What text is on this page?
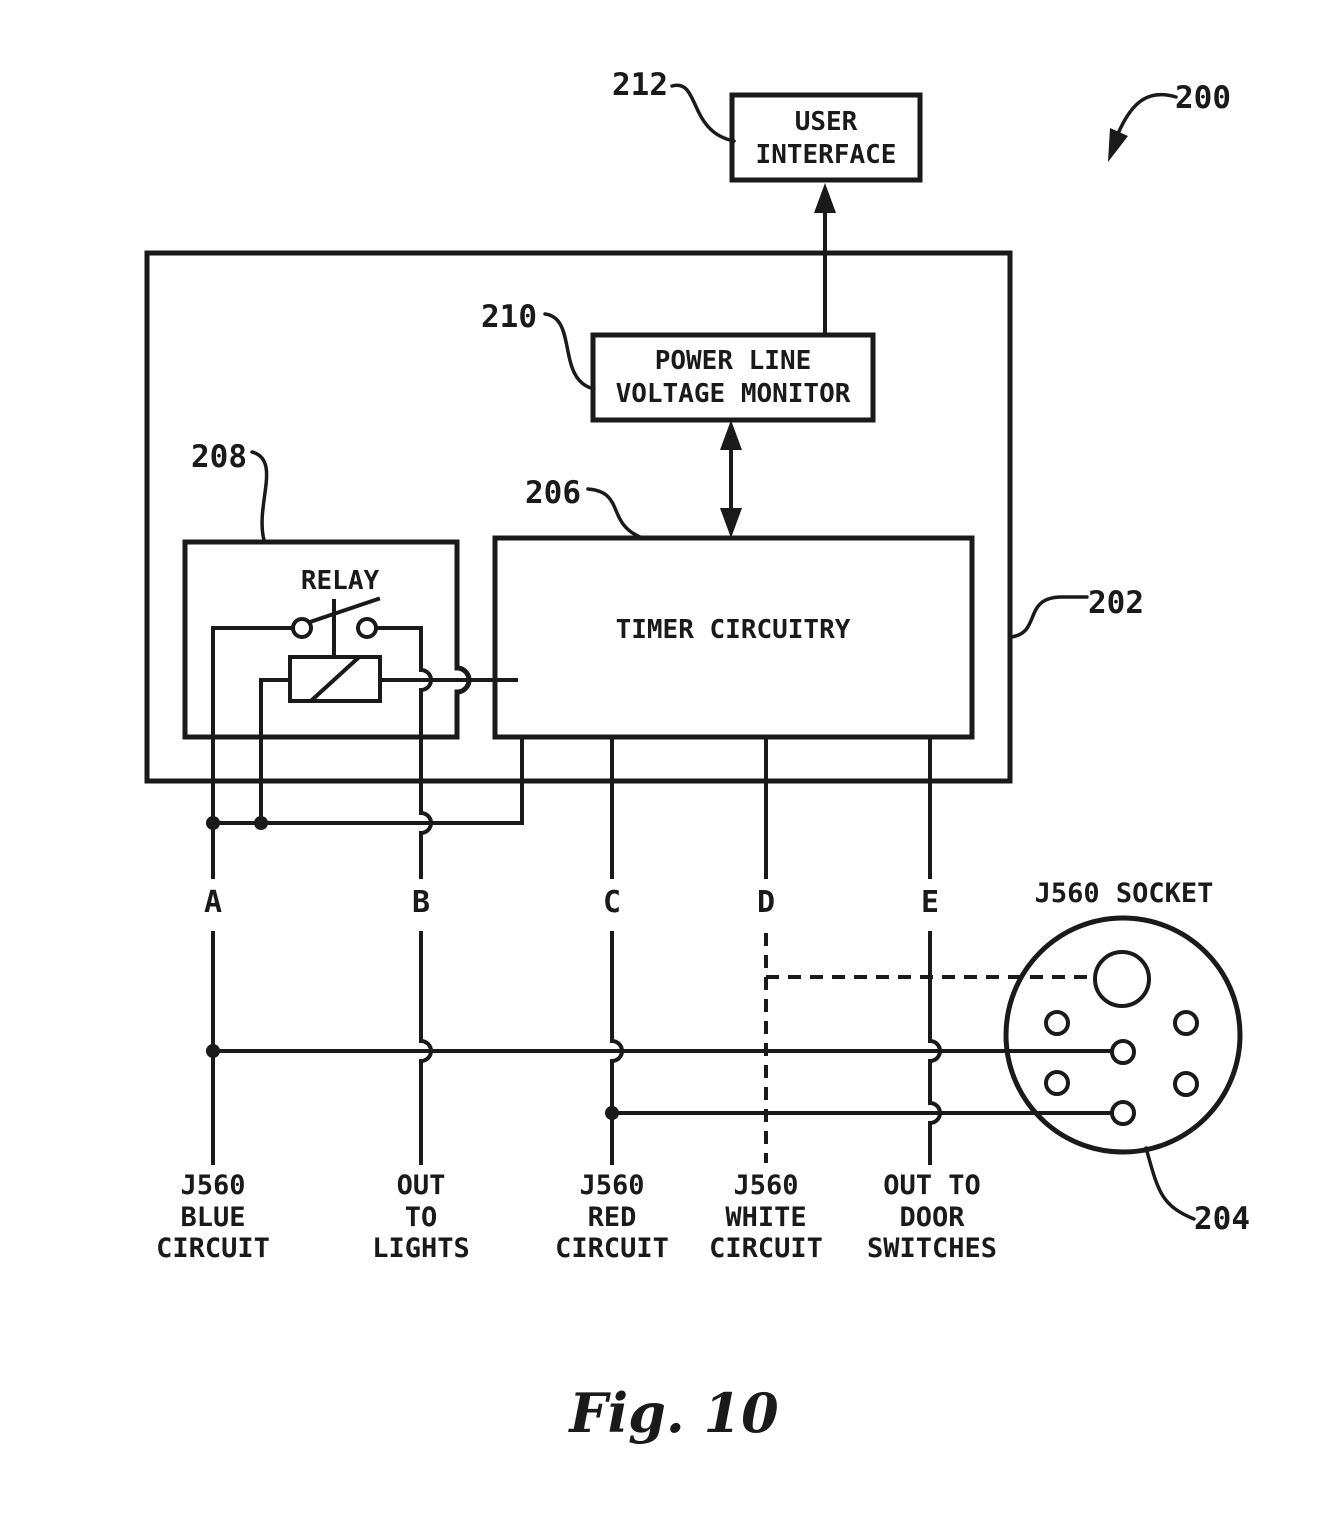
USER
INTERFACE
POWER LINE
VOLTAGE MONITOR
TIMER CIRCUITRY
RELAY
A	B	C	D	E	J560 SOCKET
200
202
204
206
208
210
212
J560
BLUE
CIRCUIT
OUT
TO
LIGHTS
J560
RED
CIRCUIT
J560
WHITE
CIRCUIT
OUT TO
DOOR
SWITCHES
Fig. 10
